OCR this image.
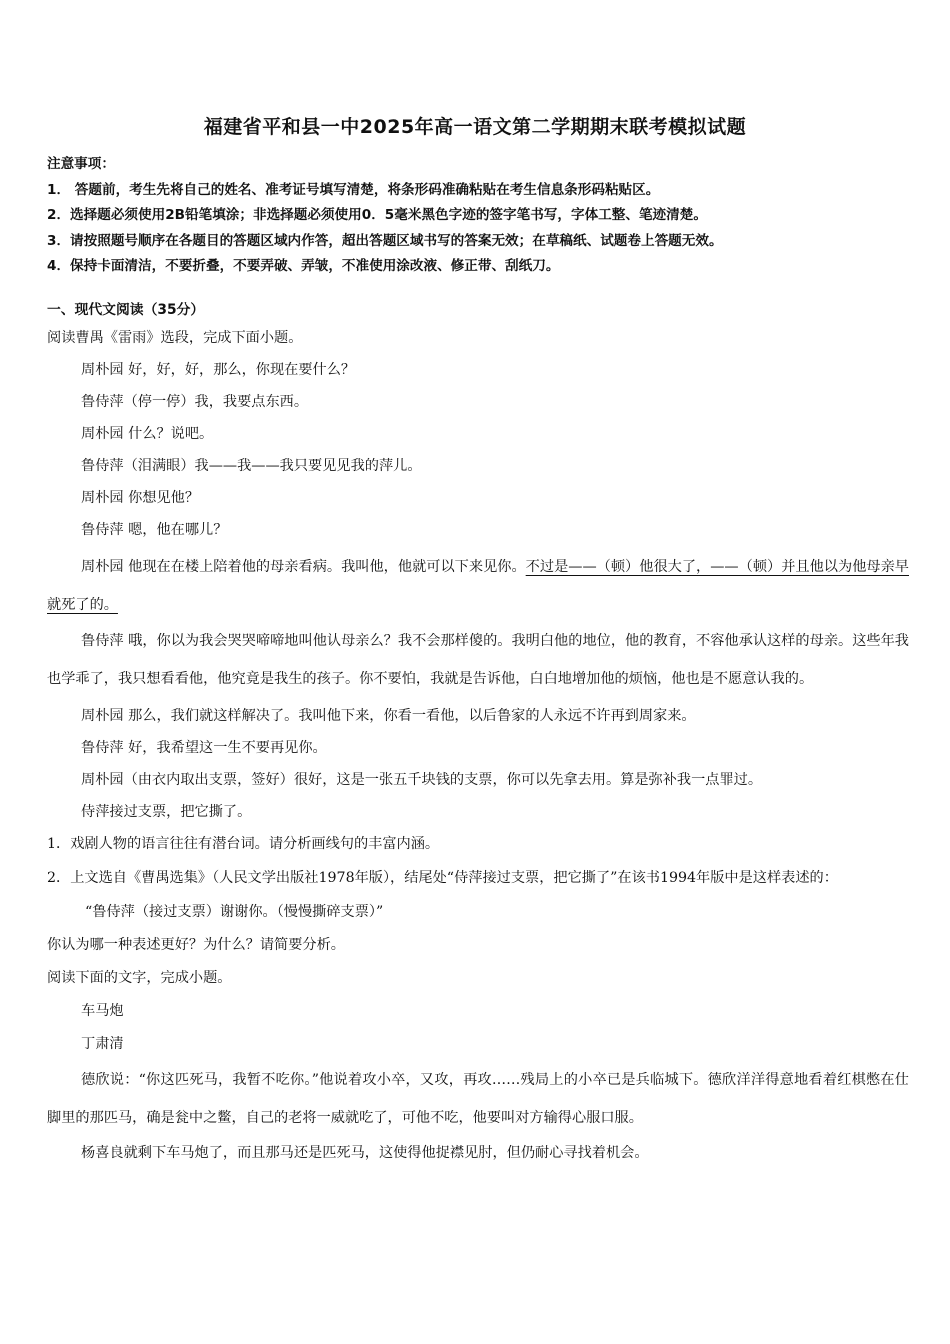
福建省平和县一中2025年高一语文第二学期期末联考模拟试题
注意事项：
1． 答题前，考生先将自己的姓名、准考证号填写清楚，将条形码准确粘贴在考生信息条形码粘贴区。
2．选择题必须使用2B铅笔填涂；非选择题必须使用0．5毫米黑色字迹的签字笔书写，字体工整、笔迹清楚。
3．请按照题号顺序在各题目的答题区域内作答，超出答题区域书写的答案无效；在草稿纸、试题卷上答题无效。
4．保持卡面清洁，不要折叠，不要弄破、弄皱，不准使用涂改液、修正带、刮纸刀。
一、现代文阅读（35分）
阅读曹禺《雷雨》选段，完成下面小题。
周朴园 好，好，好，那么，你现在要什么？
鲁侍萍（停一停）我，我要点东西。
周朴园 什么？说吧。
鲁侍萍（泪满眼）我——我——我只要见见我的萍儿。
周朴园 你想见他？
鲁侍萍 嗯，他在哪儿？
周朴园 他现在在楼上陪着他的母亲看病。我叫他，他就可以下来见你。不过是——（顿）他很大了，——（顿）并且他以为他母亲早就死了的。
鲁侍萍 哦，你以为我会哭哭啼啼地叫他认母亲么？我不会那样傻的。我明白他的地位，他的教育，不容他承认这样的母亲。这些年我也学乖了，我只想看看他，他究竟是我生的孩子。你不要怕，我就是告诉他，白白地增加他的烦恼，他也是不愿意认我的。
周朴园 那么，我们就这样解决了。我叫他下来，你看一看他，以后鲁家的人永远不许再到周家来。
鲁侍萍 好，我希望这一生不要再见你。
周朴园（由衣内取出支票，签好）很好，这是一张五千块钱的支票，你可以先拿去用。算是弥补我一点罪过。
侍萍接过支票，把它撕了。
1．戏剧人物的语言往往有潜台词。请分析画线句的丰富内涵。
2．上文选自《曹禺选集》（人民文学出版社1978年版），结尾处“侍萍接过支票，把它撕了”在该书1994年版中是这样表述的：
“鲁侍萍（接过支票）谢谢你。（慢慢撕碎支票）”
你认为哪一种表述更好？为什么？请简要分析。
阅读下面的文字，完成小题。
车马炮
丁肃清
德欣说：“你这匹死马，我暂不吃你。”他说着攻小卒，又攻，再攻……残局上的小卒已是兵临城下。德欣洋洋得意地看着红棋憋在仕脚里的那匹马，确是瓮中之鳖，自己的老将一威就吃了，可他不吃，他要叫对方输得心服口服。
杨喜良就剩下车马炮了，而且那马还是匹死马，这使得他捉襟见肘，但仍耐心寻找着机会。
